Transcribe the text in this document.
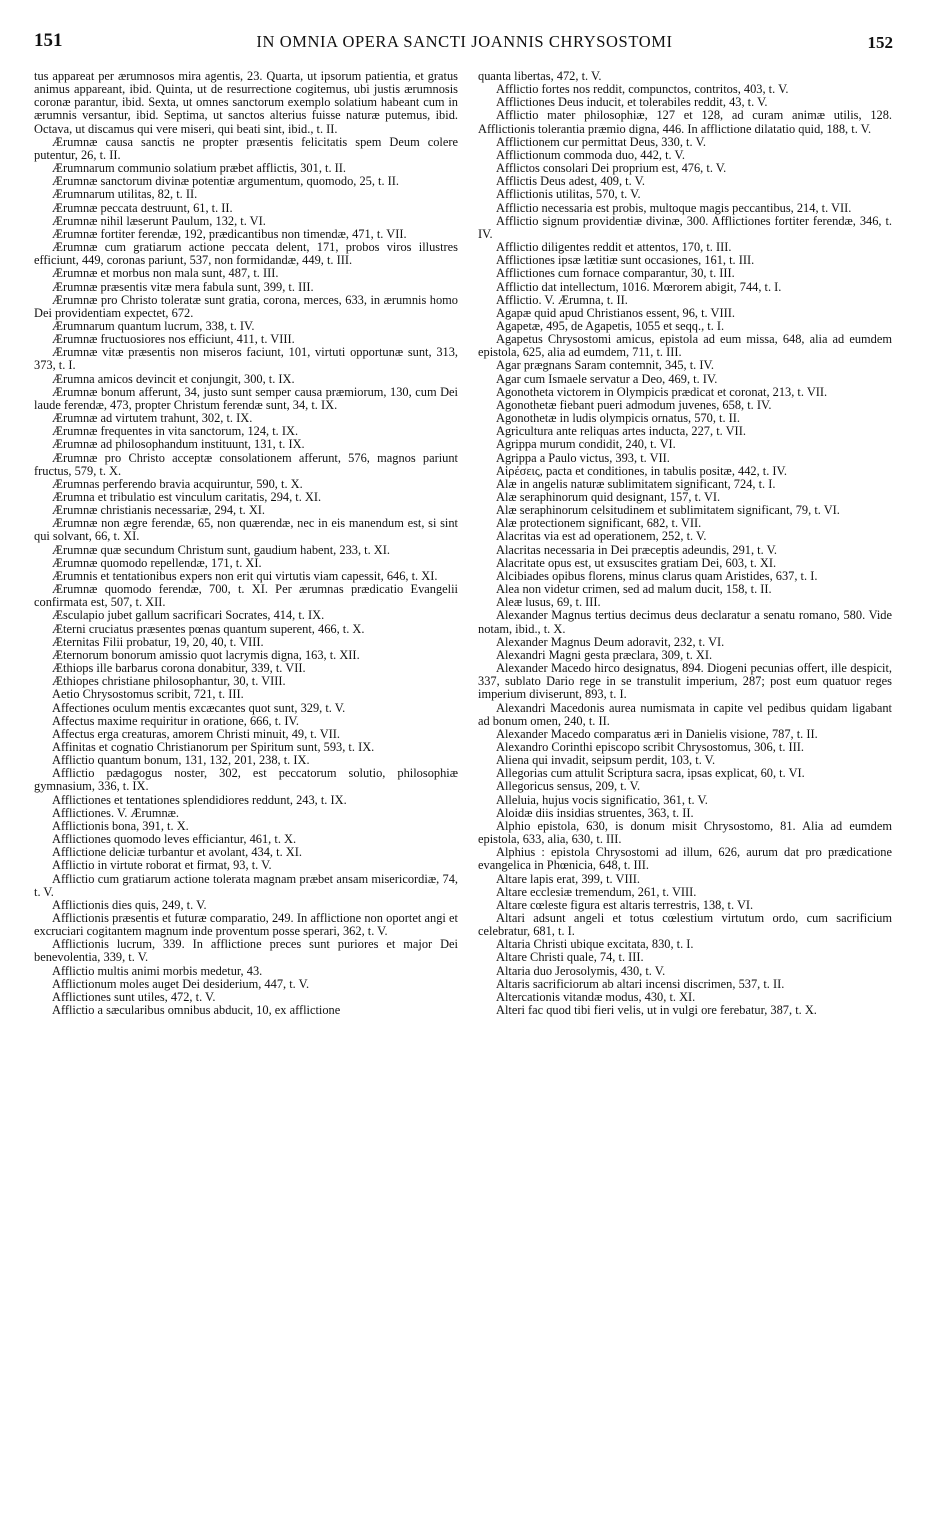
151	IN OMNIA OPERA SANCTI JOANNIS CHRYSOSTOMI	152

tus appareat per ærumnosos mira agentis, 23. Quarta, ut ipsorum patientia, et gratus animus appareant, ibid. Quinta, ut de resurrectione cogitemus, ubi justis ærumnosis coronæ parantur, ibid. Sexta, ut omnes sanctorum exemplo solatium habeant cum in ærumnis versantur, ibid. Septima, ut sanctos alterius fuisse naturæ putemus, ibid. Octava, ut discamus qui vere miseri, qui beati sint, ibid., t. II.

Ærumnæ causa sanctis ne propter præsentis felicitatis spem Deum colere putentur, 26, t. II.

Ærumnarum communio solatium præbet afflictis, 301, t. II.

Ærumnæ sanctorum divinæ potentiæ argumentum, quomodo, 25, t. II.

Ærumnarum utilitas, 82, t. II.

Ærumnæ peccata destruunt, 61, t. II.

Ærumnæ nihil læserunt Paulum, 132, t. VI.

Ærumnæ fortiter ferendæ, 192, prædicantibus non timendæ, 471, t. VII.

Ærumnæ cum gratiarum actione peccata delent, 171, probos viros illustres efficiunt, 449, coronas pariunt, 537, non formidandæ, 449, t. III.

Ærumnæ et morbus non mala sunt, 487, t. III.

Ærumnæ præsentis vitæ mera fabula sunt, 399, t. III.

Ærumnæ pro Christo toleratæ sunt gratia, corona, merces, 633, in ærumnis homo Dei providentiam expectet, 672.

Ærumnarum quantum lucrum, 338, t. IV.

Ærumnæ fructuosiores nos efficiunt, 411, t. VIII.

Ærumnæ vitæ præsentis non miseros faciunt, 101, virtuti opportunæ sunt, 313, 373, t. I.

Ærumna amicos devincit et conjungit, 300, t. IX.

Ærumnæ bonum afferunt, 34, justo sunt semper causa præmiorum, 130, cum Dei laude ferendæ, 473, propter Christum ferendæ sunt, 34, t. IX.

Ærumnæ ad virtutem trahunt, 302, t. IX.

Ærumnæ frequentes in vita sanctorum, 124, t. IX.

Ærumnæ ad philosophandum instituunt, 131, t. IX.

Ærumnæ pro Christo acceptæ consolationem afferunt, 576, magnos pariunt fructus, 579, t. X.

Ærumnas perferendo bravia acquiruntur, 590, t. X.

Ærumna et tribulatio est vinculum caritatis, 294, t. XI.

Ærumnæ christianis necessariæ, 294, t. XI.

Ærumnæ non ægre ferendæ, 65, non quærendæ, nec in eis manendum est, si sint qui solvant, 66, t. XI.

Ærumnæ quæ secundum Christum sunt, gaudium habent, 233, t. XI.

Ærumnæ quomodo repellendæ, 171, t. XI.

Ærumnis et tentationibus expers non erit qui virtutis viam capessit, 646, t. XI.

Ærumnæ quomodo ferendæ, 700, t. XI. Per ærumnas prædicatio Evangelii confirmata est, 507, t. XII.

Æsculapio jubet gallum sacrificari Socrates, 414, t. IX.

Æterni cruciatus præsentes pœnas quantum superent, 466, t. X.

Æternitas Filii probatur, 19, 20, 40, t. VIII.

Æternorum bonorum amissio quot lacrymis digna, 163, t. XII.

Æthiops ille barbarus corona donabitur, 339, t. VII.

Æthiopes christiane philosophantur, 30, t. VIII.

Aetio Chrysostomus scribit, 721, t. III.

Affectiones oculum mentis excæcantes quot sunt, 329, t. V.

Affectus maxime requiritur in oratione, 666, t. IV.

Affectus erga creaturas, amorem Christi minuit, 49, t. VII.

Affinitas et cognatio Christianorum per Spiritum sunt, 593, t. IX.

Afflictio quantum bonum, 131, 132, 201, 238, t. IX.

Afflictio pædagogus noster, 302, est peccatorum solutio, philosophiæ gymnasium, 336, t. IX.

Afflictiones et tentationes splendidiores reddunt, 243, t. IX.

Afflictiones. V. Ærumnæ.

Afflictionis bona, 391, t. X.

Afflictiones quomodo leves efficiantur, 461, t. X.

Afflictione deliciæ turbantur et avolant, 434, t. XI.

Afflictio in virtute roborat et firmat, 93, t. V.

Afflictio cum gratiarum actione tolerata magnam præbet ansam misericordiæ, 74, t. V.

Afflictionis dies quis, 249, t. V.

Afflictionis præsentis et futuræ comparatio, 249. In afflictione non oportet angi et excruciari cogitantem magnum inde proventum posse sperari, 362, t. V.

Afflictionis lucrum, 339. In afflictione preces sunt puriores et major Dei benevolentia, 339, t. V.

Afflictio multis animi morbis medetur, 43.

Afflictionum moles auget Dei desiderium, 447, t. V.

Afflictiones sunt utiles, 472, t. V.

Afflictio a sæcularibus omnibus abducit, 10, ex afflictione

quanta libertas, 472, t. V.

Afflictio fortes nos reddit, compunctos, contritos, 403, t. V.

Afflictiones Deus inducit, et tolerabiles reddit, 43, t. V.

Afflictio mater philosophiæ, 127 et 128, ad curam animæ utilis, 128. Afflictionis tolerantia præmio digna, 446. In afflictione dilatatio quid, 188, t. V.

Afflictionem cur permittat Deus, 330, t. V.

Afflictionum commoda duo, 442, t. V.

Afflictos consolari Dei proprium est, 476, t. V.

Afflictis Deus adest, 409, t. V.

Afflictionis utilitas, 570, t. V.

Afflictio necessaria est probis, multoque magis peccantibus, 214, t. VII.

Afflictio signum providentiæ divinæ, 300. Afflictiones fortiter ferendæ, 346, t. IV.

Afflictio diligentes reddit et attentos, 170, t. III.

Afflictiones ipsæ lætitiæ sunt occasiones, 161, t. III.

Afflictiones cum fornace comparantur, 30, t. III.

Afflictio dat intellectum, 1016. Mœrorem abigit, 744, t. I.

Afflictio. V. Ærumna, t. II.

Agapæ quid apud Christianos essent, 96, t. VIII.

Agapetæ, 495, de Agapetis, 1055 et seqq., t. I.

Agapetus Chrysostomi amicus, epistola ad eum missa, 648, alia ad eumdem epistola, 625, alia ad eumdem, 711, t. III.

Agar prægnans Saram contemnit, 345, t. IV.

Agar cum Ismaele servatur a Deo, 469, t. IV.

Agonotheta victorem in Olympicis prædicat et coronat, 213, t. VII.

Agonothetæ fiebant pueri admodum juvenes, 658, t. IV.

Agonothetæ in ludis olympicis ornatus, 570, t. II.

Agricultura ante reliquas artes inducta, 227, t. VII.

Agrippa murum condidit, 240, t. VI.

Agrippa a Paulo victus, 393, t. VII.

Αἱρέσεις, pacta et conditiones, in tabulis positæ, 442, t. IV.

Alæ in angelis naturæ sublimitatem significant, 724, t. I.

Alæ seraphinorum quid designant, 157, t. VI.

Alæ seraphinorum celsitudinem et sublimitatem significant, 79, t. VI.

Alæ protectionem significant, 682, t. VII.

Alacritas via est ad operationem, 252, t. V.

Alacritas necessaria in Dei præceptis adeundis, 291, t. V.

Alacritate opus est, ut exsuscites gratiam Dei, 603, t. XI.

Alcibiades opibus florens, minus clarus quam Aristides, 637, t. I.

Alea non videtur crimen, sed ad malum ducit, 158, t. II.

Aleæ lusus, 69, t. III.

Alexander Magnus tertius decimus deus declaratur a senatu romano, 580. Vide notam, ibid., t. X.

Alexander Magnus Deum adoravit, 232, t. VI.

Alexandri Magni gesta præclara, 309, t. XI.

Alexander Macedo hirco designatus, 894. Diogeni pecunias offert, ille despicit, 337, sublato Dario rege in se transtulit imperium, 287; post eum quatuor reges imperium diviserunt, 893, t. I.

Alexandri Macedonis aurea numismata in capite vel pedibus quidam ligabant ad bonum omen, 240, t. II.

Alexander Macedo comparatus æri in Danielis visione, 787, t. II.

Alexandro Corinthi episcopo scribit Chrysostomus, 306, t. III.

Aliena qui invadit, seipsum perdit, 103, t. V.

Allegorias cum attulit Scriptura sacra, ipsas explicat, 60, t. VI.

Allegoricus sensus, 209, t. V.

Alleluia, hujus vocis significatio, 361, t. V.

Aloidæ diis insidias struentes, 363, t. II.

Alphio epistola, 630, is donum misit Chrysostomo, 81. Alia ad eumdem epistola, 633, alia, 630, t. III.

Alphius : epistola Chrysostomi ad illum, 626, aurum dat pro prædicatione evangelica in Phœnicia, 648, t. III.

Altare lapis erat, 399, t. VIII.

Altare ecclesiæ tremendum, 261, t. VIII.

Altare cœleste figura est altaris terrestris, 138, t. VI.

Altari adsunt angeli et totus cœlestium virtutum ordo, cum sacrificium celebratur, 681, t. I.

Altaria Christi ubique excitata, 830, t. I.

Altare Christi quale, 74, t. III.

Altaria duo Jerosolymis, 430, t. V.

Altaris sacrificiorum ab altari incensi discrimen, 537, t. II.

Altercationis vitandæ modus, 430, t. XI.

Alteri fac quod tibi fieri velis, ut in vulgi ore ferebatur, 387, t. X.
